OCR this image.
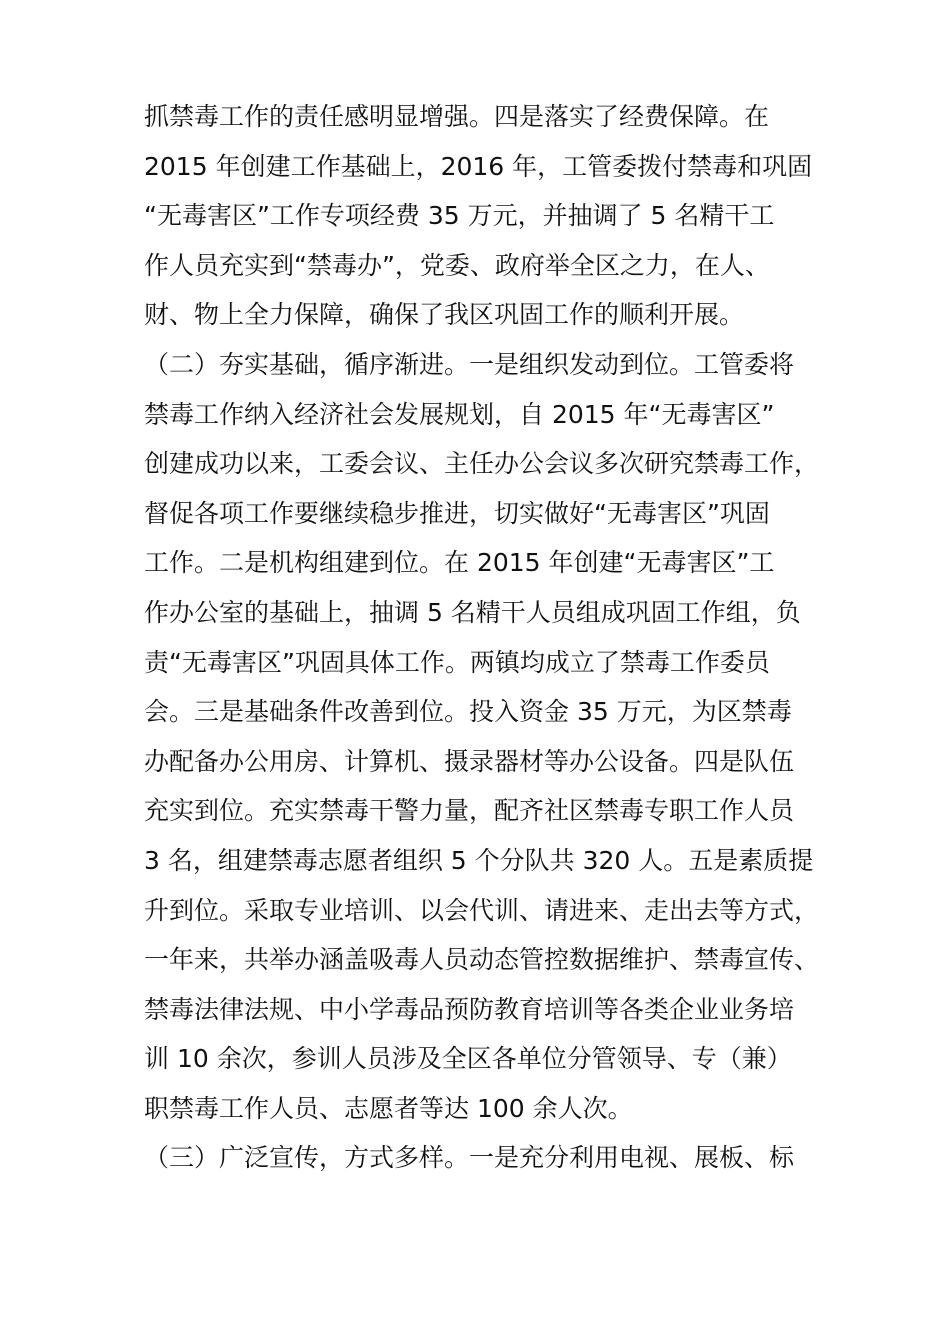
抓禁毒工作的责任感明显增强。四是落实了经费保障。在
2015 年创建工作基础上，2016 年，工管委拨付禁毒和巩固
“无毒害区”工作专项经费 35 万元，并抽调了 5 名精干工
作人员充实到“禁毒办”，党委、政府举全区之力，在人、
财、物上全力保障，确保了我区巩固工作的顺利开展。
（二）夯实基础，循序渐进。一是组织发动到位。工管委将
禁毒工作纳入经济社会发展规划，自 2015 年“无毒害区”
创建成功以来，工委会议、主任办公会议多次研究禁毒工作，
督促各项工作要继续稳步推进，切实做好“无毒害区”巩固
工作。二是机构组建到位。在 2015 年创建“无毒害区”工
作办公室的基础上，抽调 5 名精干人员组成巩固工作组，负
责“无毒害区”巩固具体工作。两镇均成立了禁毒工作委员
会。三是基础条件改善到位。投入资金 35 万元，为区禁毒
办配备办公用房、计算机、摄录器材等办公设备。四是队伍
充实到位。充实禁毒干警力量，配齐社区禁毒专职工作人员
3 名，组建禁毒志愿者组织 5 个分队共 320 人。五是素质提
升到位。采取专业培训、以会代训、请进来、走出去等方式，
一年来，共举办涵盖吸毒人员动态管控数据维护、禁毒宣传、
禁毒法律法规、中小学毒品预防教育培训等各类企业业务培
训 10 余次，参训人员涉及全区各单位分管领导、专（兼）
职禁毒工作人员、志愿者等达 100 余人次。
（三）广泛宣传，方式多样。一是充分利用电视、展板、标
